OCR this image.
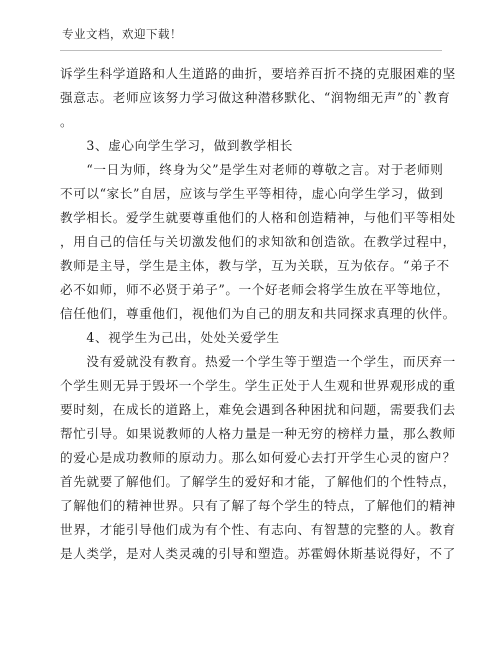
专业文档，欢迎下载！
诉学生科学道路和人生道路的曲折，要培养百折不挠的克服困难的坚
强意志。老师应该努力学习做这种潜移默化、“润物细无声”的`教育
。
　　3、虚心向学生学习，做到教学相长
　　“一日为师，终身为父”是学生对老师的尊敬之言。对于老师则
不可以“家长”自居，应该与学生平等相待，虚心向学生学习，做到
教学相长。爱学生就要尊重他们的人格和创造精神，与他们平等相处
，用自己的信任与关切激发他们的求知欲和创造欲。在教学过程中，
教师是主导，学生是主体，教与学，互为关联，互为依存。“弟子不
必不如师，师不必贤于弟子”。一个好老师会将学生放在平等地位，
信任他们，尊重他们，视他们为自己的朋友和共同探求真理的伙伴。
　　4、视学生为己出，处处关爱学生
　　没有爱就没有教育。热爱一个学生等于塑造一个学生，而厌弃一
个学生则无异于毁坏一个学生。学生正处于人生观和世界观形成的重
要时刻，在成长的道路上，难免会遇到各种困扰和问题，需要我们去
帮忙引导。如果说教师的人格力量是一种无穷的榜样力量，那么教师
的爱心是成功教师的原动力。那么如何爱心去打开学生心灵的窗户？
首先就要了解他们。了解学生的爱好和才能，了解他们的个性特点，
了解他们的精神世界。只有了解了每个学生的特点，了解他们的精神
世界，才能引导他们成为有个性、有志向、有智慧的完整的人。教育
是人类学，是对人类灵魂的引导和塑造。苏霍姆休斯基说得好，不了
